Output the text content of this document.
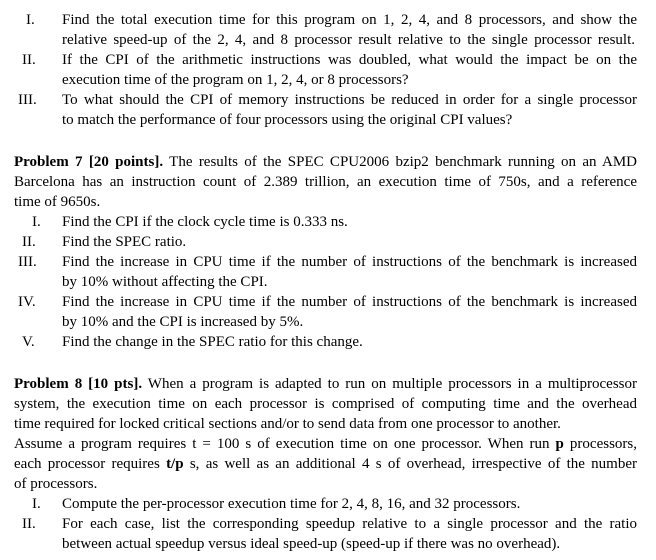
I. Find the total execution time for this program on 1, 2, 4, and 8 processors, and show the
relative speed-up of the 2, 4, and 8 processor result relative to the single processor result.
II. If the CPI of the arithmetic instructions was doubled, what would the impact be on the
execution time of the program on 1, 2, 4, or 8 processors?
III. To what should the CPI of memory instructions be reduced in order for a single processor
to match the performance of four processors using the original CPI values?
Problem 7 [20 points]. The results of the SPEC CPU2006 bzip2 benchmark running on an AMD
Barcelona has an instruction count of 2.389 trillion, an execution time of 750s, and a reference
time of 9650s.
I. Find the CPI if the clock cycle time is 0.333 ns.
II. Find the SPEC ratio.
III. Find the increase in CPU time if the number of instructions of the benchmark is increased
by 10% without affecting the CPI.
IV. Find the increase in CPU time if the number of instructions of the benchmark is increased
by 10% and the CPI is increased by 5%.
V. Find the change in the SPEC ratio for this change.
Problem 8 [10 pts]. When a program is adapted to run on multiple processors in a multiprocessor
system, the execution time on each processor is comprised of computing time and the overhead
time required for locked critical sections and/or to send data from one processor to another.
Assume a program requires t = 100 s of execution time on one processor. When run p processors,
each processor requires t/p s, as well as an additional 4 s of overhead, irrespective of the number
of processors.
I. Compute the per-processor execution time for 2, 4, 8, 16, and 32 processors.
II. For each case, list the corresponding speedup relative to a single processor and the ratio
between actual speedup versus ideal speed-up (speed-up if there was no overhead).
